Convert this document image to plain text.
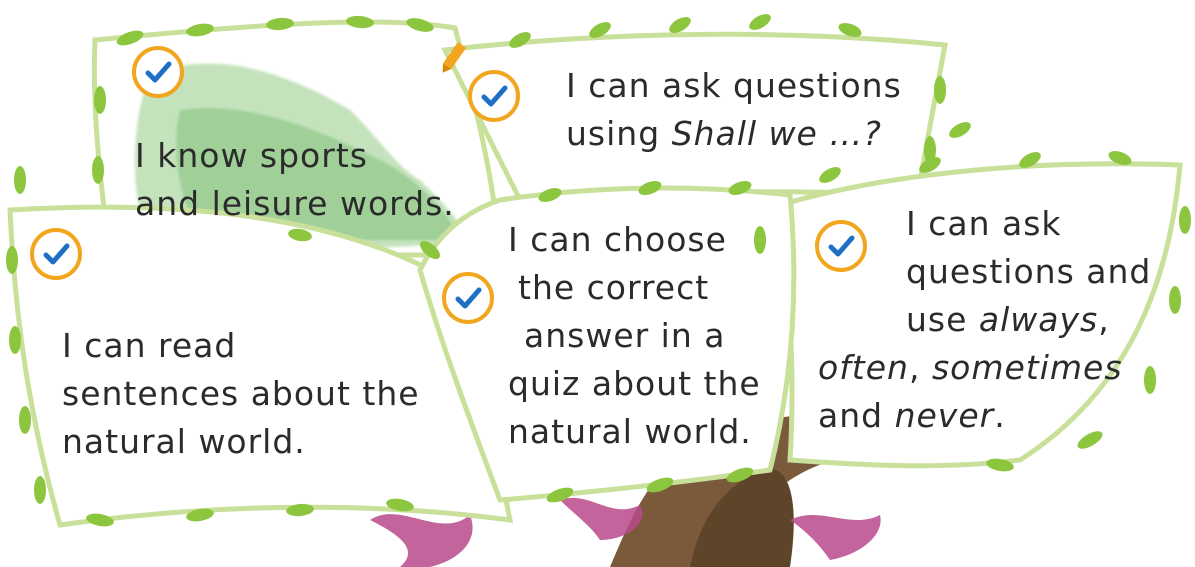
I know sports
and leisure words.
I can ask questions
using Shall we …?
I can read
sentences about the
natural world.
I can choose
the correct
answer in a
quiz about the
natural world.
I can ask
questions and
use always,
often, sometimes
and never.
